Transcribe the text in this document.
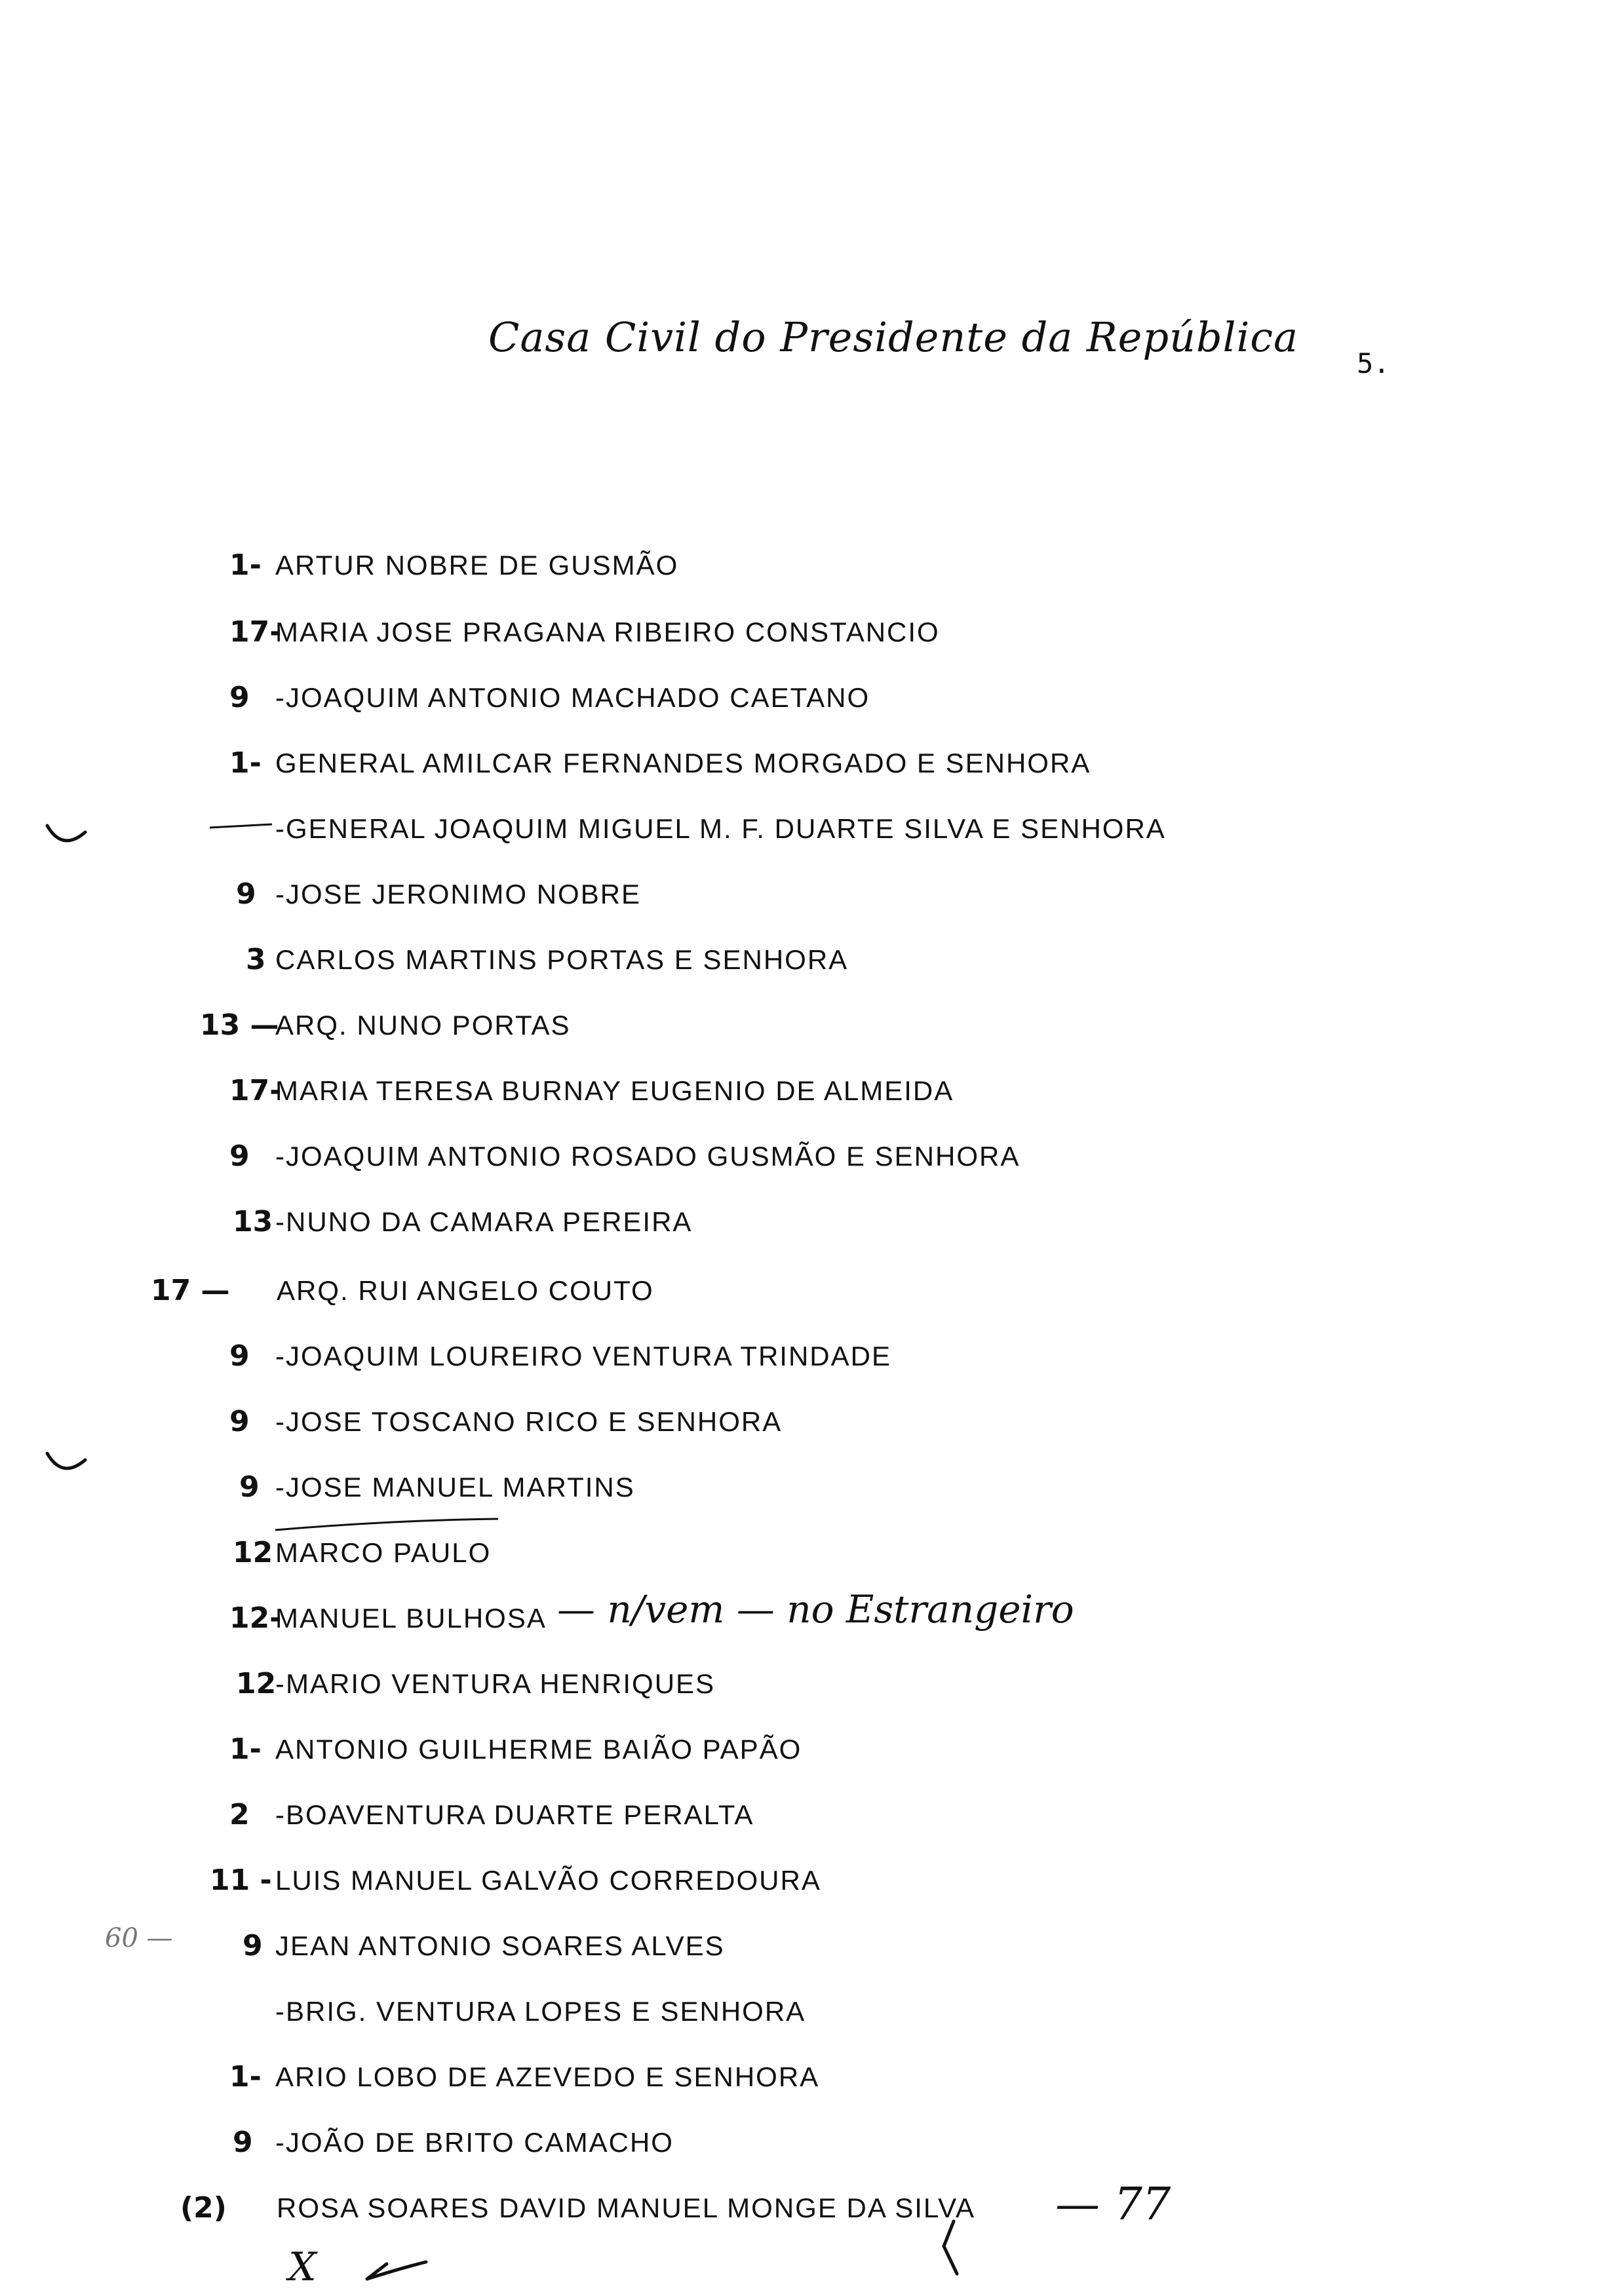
Casa Civil do Presidente da República
5.
1- ARTUR NOBRE DE GUSMÃO
17-
MARIA JOSE PRAGANA RIBEIRO CONSTANCIO
9 -JOAQUIM ANTONIO MACHADO CAETANO
1- GENERAL AMILCAR FERNANDES MORGADO E SENHORA
-GENERAL JOAQUIM MIGUEL M. F. DUARTE SILVA E SENHORA
9 -JOSE JERONIMO NOBRE
3 CARLOS MARTINS PORTAS E SENHORA
13 —
ARQ. NUNO PORTAS
17-
MARIA TERESA BURNAY EUGENIO DE ALMEIDA
9 -JOAQUIM ANTONIO ROSADO GUSMÃO E SENHORA
13 -NUNO DA CAMARA PEREIRA
17 — ARQ. RUI ANGELO COUTO
9 -JOAQUIM LOUREIRO VENTURA TRINDADE
9 -JOSE TOSCANO RICO E SENHORA
9 -JOSE MANUEL MARTINS
12 MARCO PAULO
12-
MANUEL BULHOSA
12
-MARIO VENTURA HENRIQUES
1- ANTONIO GUILHERME BAIÃO PAPÃO
2 -BOAVENTURA DUARTE PERALTA
11 - LUIS MANUEL GALVÃO CORREDOURA
9 JEAN ANTONIO SOARES ALVES
-BRIG. VENTURA LOPES E SENHORA
1- ARIO LOBO DE AZEVEDO E SENHORA
9 -JOÃO DE BRITO CAMACHO
(2) ROSA SOARES DAVID MANUEL MONGE DA SILVA
— n/vem — no Estrangeiro
60 —
— 77
X
